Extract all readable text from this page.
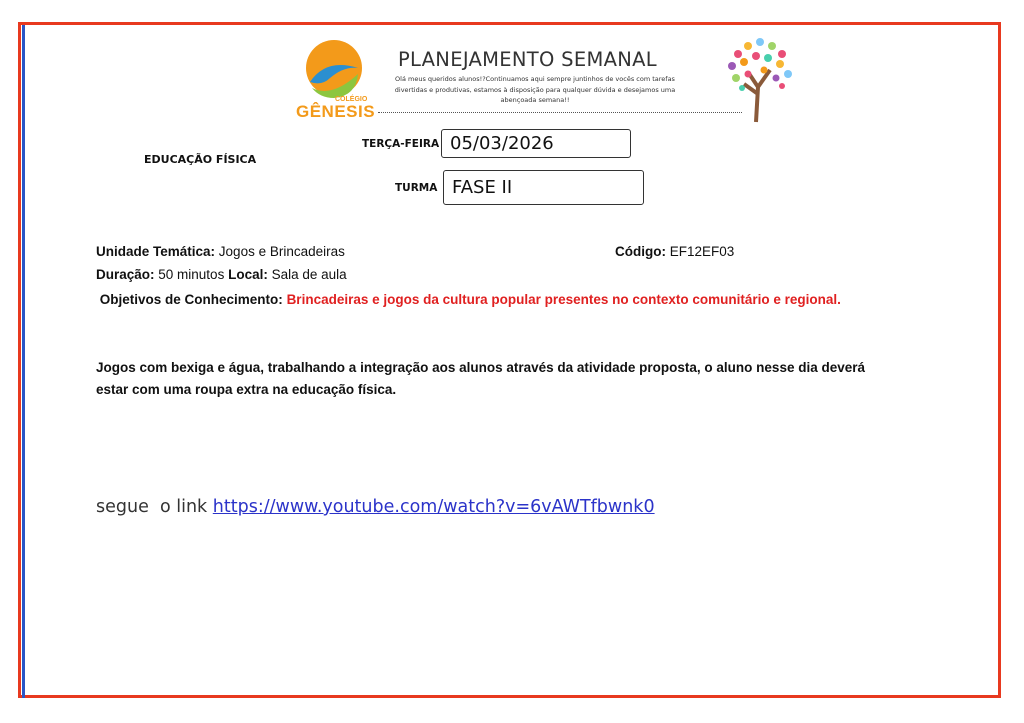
COLÉGIO
GÊNESIS
PLANEJAMENTO SEMANAL
Olá meus queridos alunos!?Continuamos aqui sempre juntinhos de vocês com tarefas divertidas e produtivas, estamos à disposição para qualquer dúvida e desejamos uma abençoada semana!!
EDUCAÇÃO FÍSICA
TERÇA-FEIRA 05/03/2026
TURMA FASE II
Unidade Temática: Jogos e Brincadeiras	Código: EF12EF03
Duração: 50 minutos Local: Sala de aula
Objetivos de Conhecimento: Brincadeiras e jogos da cultura popular presentes no contexto comunitário e regional.
Jogos com bexiga e água, trabalhando a integração aos alunos através da atividade proposta, o aluno nesse dia deverá estar com uma roupa extra na educação física.
segue  o link https://www.youtube.com/watch?v=6vAWTfbwnk0
